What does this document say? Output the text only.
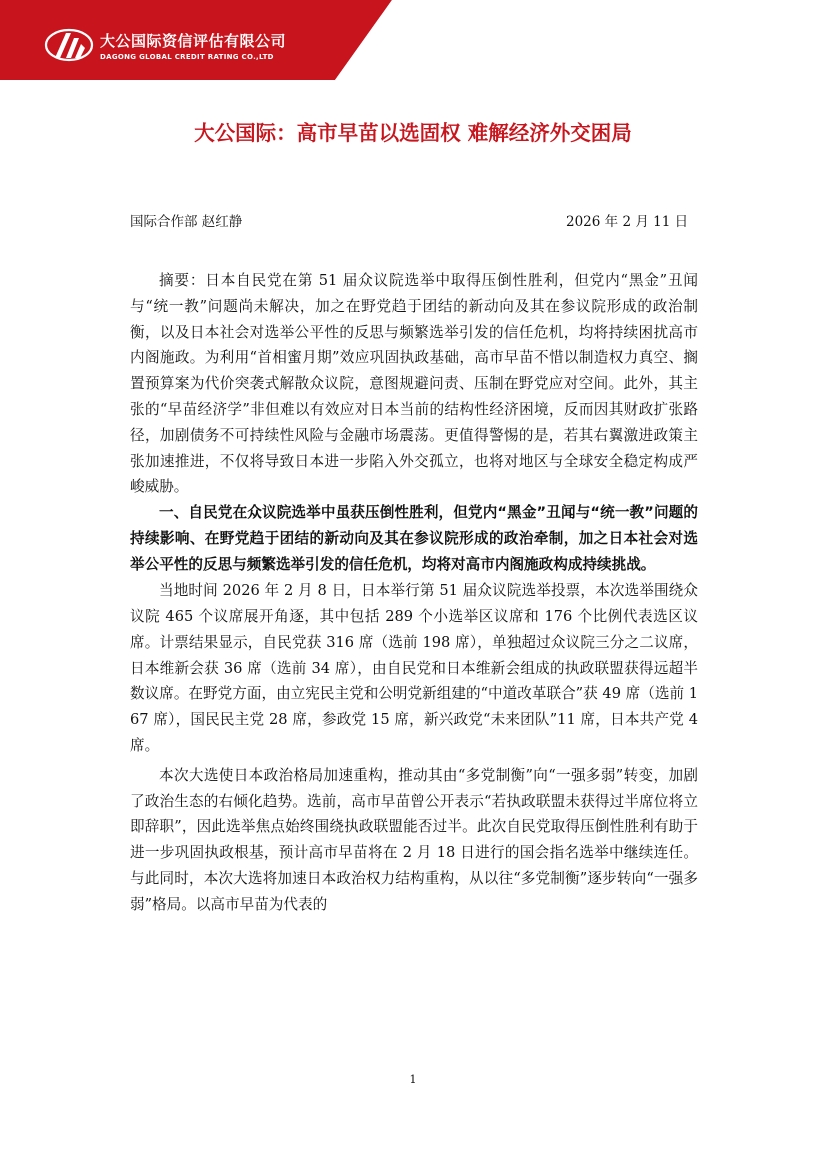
大公国际资信评估有限公司
DAGONG GLOBAL CREDIT RATING CO.,LTD
大公国际：高市早苗以选固权 难解经济外交困局
国际合作部 赵红静	2026 年 2 月 11 日

摘要：日本自民党在第 51 届众议院选举中取得压倒性胜利，但党内“黑金”丑闻与“统一教”问题尚未解决，加之在野党趋于团结的新动向及其在参议院形成的政治制衡，以及日本社会对选举公平性的反思与频繁选举引发的信任危机，均将持续困扰高市内阁施政。为利用“首相蜜月期”效应巩固执政基础，高市早苗不惜以制造权力真空、搁置预算案为代价突袭式解散众议院，意图规避问责、压制在野党应对空间。此外，其主张的“早苗经济学”非但难以有效应对日本当前的结构性经济困境，反而因其财政扩张路径，加剧债务不可持续性风险与金融市场震荡。更值得警惕的是，若其右翼激进政策主张加速推进，不仅将导致日本进一步陷入外交孤立，也将对地区与全球安全稳定构成严峻威胁。

一、自民党在众议院选举中虽获压倒性胜利，但党内“黑金”丑闻与“统一教”问题的持续影响、在野党趋于团结的新动向及其在参议院形成的政治牵制，加之日本社会对选举公平性的反思与频繁选举引发的信任危机，均将对高市内阁施政构成持续挑战。

当地时间 2026 年 2 月 8 日，日本举行第 51 届众议院选举投票，本次选举围绕众议院 465 个议席展开角逐，其中包括 289 个小选举区议席和 176 个比例代表选区议席。计票结果显示，自民党获 316 席（选前 198 席），单独超过众议院三分之二议席，日本维新会获 36 席（选前 34 席），由自民党和日本维新会组成的执政联盟获得远超半数议席。在野党方面，由立宪民主党和公明党新组建的“中道改革联合”获 49 席（选前 167 席），国民民主党 28 席，参政党 15 席，新兴政党“未来团队”11 席，日本共产党 4 席。

本次大选使日本政治格局加速重构，推动其由“多党制衡”向“一强多弱”转变，加剧了政治生态的右倾化趋势。选前，高市早苗曾公开表示“若执政联盟未获得过半席位将立即辞职”，因此选举焦点始终围绕执政联盟能否过半。此次自民党取得压倒性胜利有助于进一步巩固执政根基，预计高市早苗将在 2 月 18 日进行的国会指名选举中继续连任。与此同时，本次大选将加速日本政治权力结构重构，从以往“多党制衡”逐步转向“一强多弱”格局。以高市早苗为代表的

1
